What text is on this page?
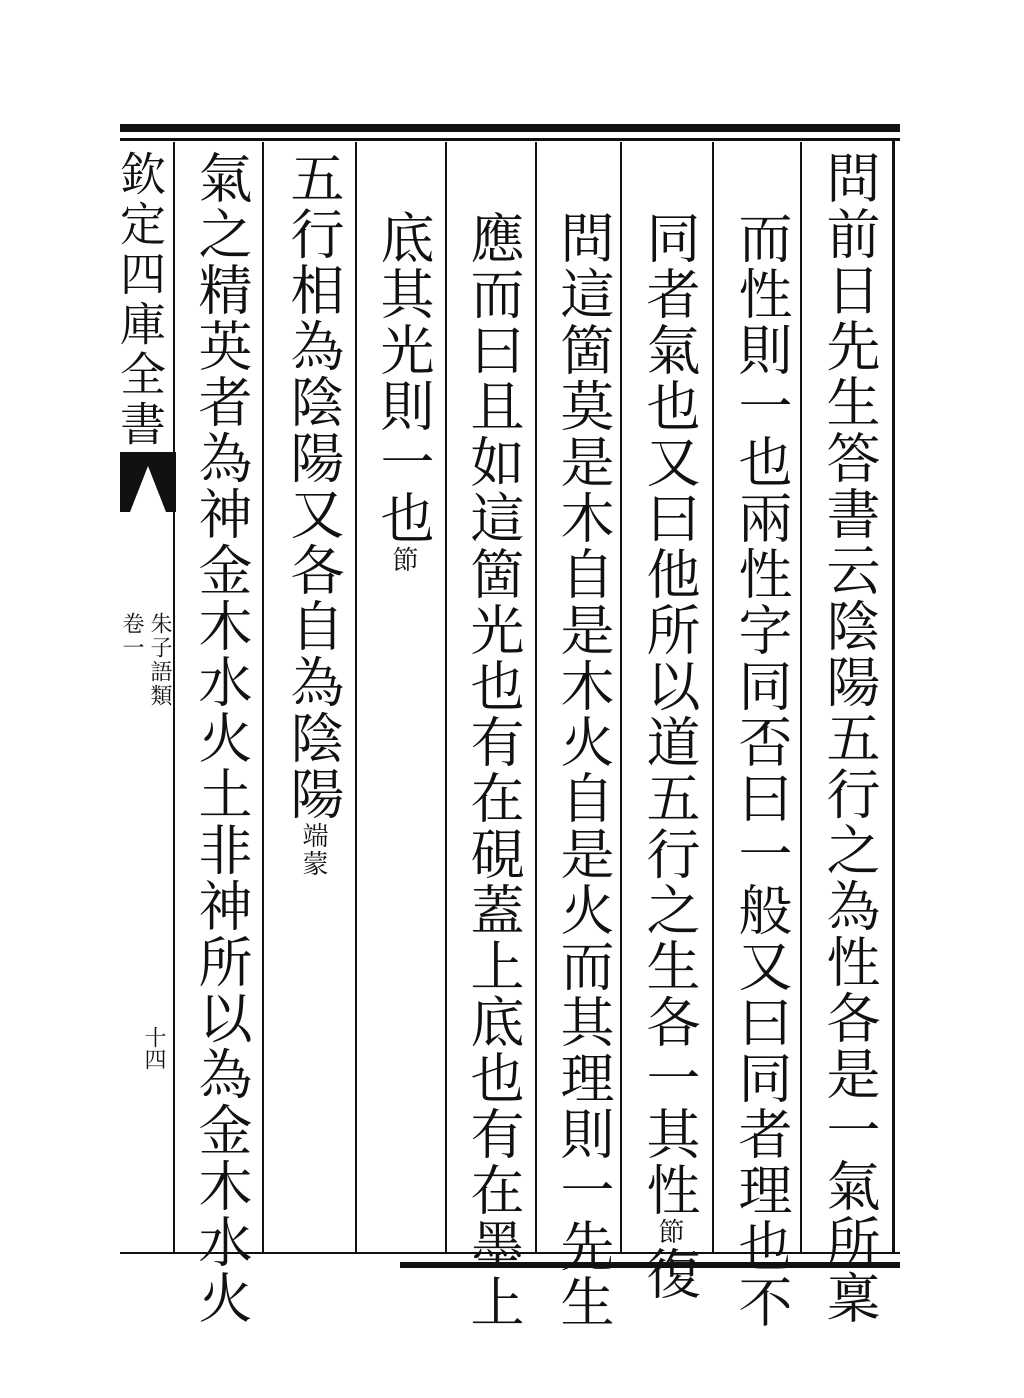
問前日先生答書云陰陽五行之為性各是一氣所稟
而性則一也兩性字同否曰一般又曰同者理也不
同者氣也又曰他所以道五行之生各一其性節復
問這箇莫是木自是木火自是火而其理則一先生
應而曰且如這箇光也有在硯蓋上底也有在墨上
底其光則一也節
五行相為陰陽又各自為陰陽端蒙
氣之精英者為神金木水火土非神所以為金木水火
欽定四庫全書
朱子語類
卷一
十四
